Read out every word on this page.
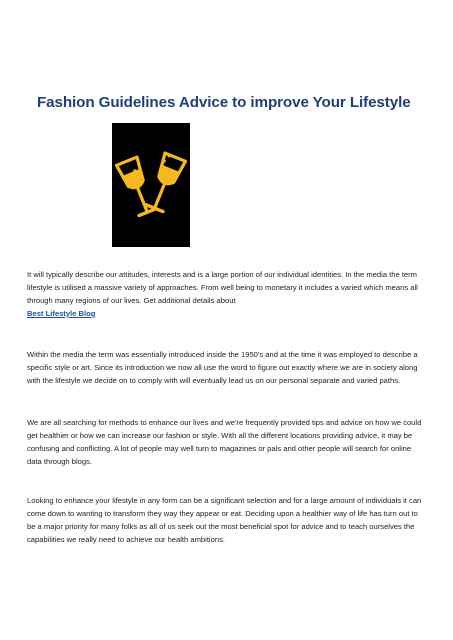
Fashion Guidelines Advice to improve Your Lifestyle

It will typically describe our attitudes, interests and is a large portion of our individual identities. In the media the term lifestyle is utilised a massive variety of approaches. From well being to monetary it includes a varied which means all through many regions of our lives. Get additional details about
Best Lifestyle Blog

Within the media the term was essentially introduced inside the 1950's and at the time it was employed to describe a specific style or art. Since its introduction we now all use the word to figure out exactly where we are in society along with the lifestyle we decide on to comply with will eventually lead us on our personal separate and varied paths.

We are all searching for methods to enhance our lives and we're frequently provided tips and advice on how we could get healthier or how we can increase our fashion or style. With all the different locations providing advice, it may be confusing and conflicting. A lot of people may well turn to magazines or pals and other people will search for online data through blogs.

Looking to enhance your lifestyle in any form can be a significant selection and for a large amount of individuals it can come down to wanting to transform they way they appear or eat. Deciding upon a healthier way of life has turn out to be a major priority for many folks as all of us seek out the most beneficial spot for advice and to teach ourselves the capabilities we really need to achieve our health ambitions.
